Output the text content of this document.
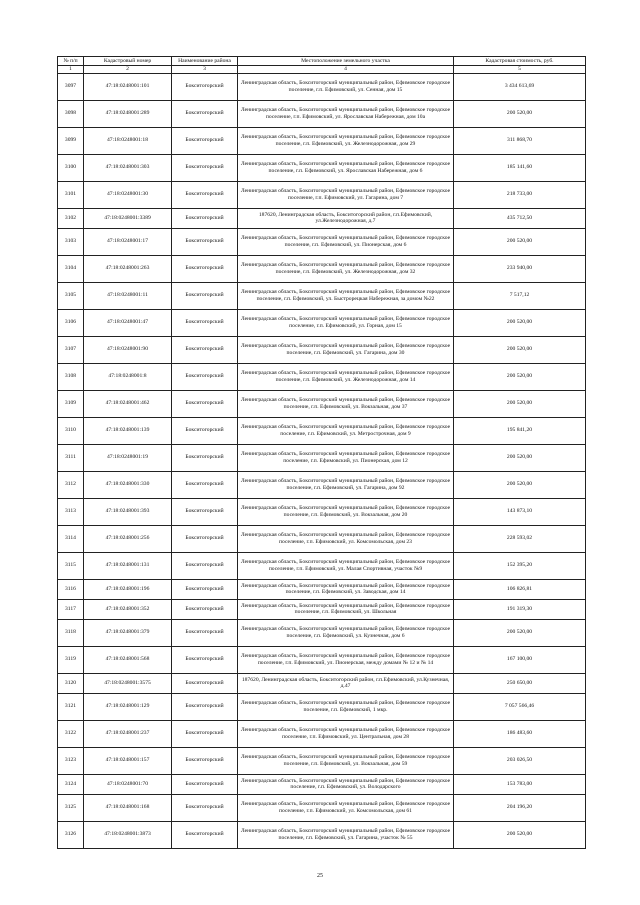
№ п/п	Кадастровый номер	Наименование района	Местоположение земельного участка	Кадастровая стоимость, руб.
1	2	3	4	5
3097	47:18:0248001:101	Бокситогорский	Ленинградская область, Бокситогорский муниципальный район, Ефимовское городское поселение, г.п. Ефимовский, ул. Сенная, дом 15	3 434 613,69
3098	47:18:0248001:289	Бокситогорский	Ленинградская область, Бокситогорский муниципальный район, Ефимовское городское поселение, г.п. Ефимовский, ул. Ярославская Набережная, дом 10а	200 520,00
3099	47:18:0248001:18	Бокситогорский	Ленинградская область, Бокситогорский муниципальный район, Ефимовское городское поселение, г.п. Ефимовский, ул. Железнодорожная, дом 29	311 868,70
3100	47:18:0248001:303	Бокситогорский	Ленинградская область, Бокситогорский муниципальный район, Ефимовское городское поселение, г.п. Ефимовский, ул. Ярославская Набережная, дом 6	185 141,60
3101	47:18:0248001:30	Бокситогорский	Ленинградская область, Бокситогорский муниципальный район, Ефимовское городское поселение, г.п. Ефимовский, ул. Гагарина, дом 7	218 733,00
3102	47:18:0248001:3389	Бокситогорский	187620, Ленинградская область, Бокситогорский район, г.п.Ефимовский, ул.Железнодорожная, д.7	435 712,50
3103	47:18:0248001:17	Бокситогорский	Ленинградская область, Бокситогорский муниципальный район, Ефимовское городское поселение, г.п. Ефимовский, ул. Пионерская, дом 6	200 520,00
3104	47:18:0248001:263	Бокситогорский	Ленинградская область, Бокситогорский муниципальный район, Ефимовское городское поселение, г.п. Ефимовский, ул. Железнодорожная, дом 32	233 940,00
3105	47:18:0248001:11	Бокситогорский	Ленинградская область, Бокситогорский муниципальный район, Ефимовское городское поселение, г.п. Ефимовский, ул. Быстрорецкая Набережная, за домом №22	7 517,12
3106	47:18:0248001:47	Бокситогорский	Ленинградская область, Бокситогорский муниципальный район, Ефимовское городское поселение, г.п. Ефимовский, ул. Горная, дом 15	200 520,00
3107	47:18:0248001:90	Бокситогорский	Ленинградская область, Бокситогорский муниципальный район, Ефимовское городское поселение, г.п. Ефимовский, ул. Гагарина, дом 30	200 520,00
3108	47:18:0248001:8	Бокситогорский	Ленинградская область, Бокситогорский муниципальный район, Ефимовское городское поселение, г.п. Ефимовский, ул. Железнодорожная, дом 14	200 520,00
3109	47:18:0248001:462	Бокситогорский	Ленинградская область, Бокситогорский муниципальный район, Ефимовское городское поселение, г.п. Ефимовский, ул. Вокзальная, дом 37	200 520,00
3110	47:18:0248001:139	Бокситогорский	Ленинградская область, Бокситогорский муниципальный район, Ефимовское городское поселение, г.п. Ефимовский, ул. Метрострочная, дом 9	195 841,20
3111	47:18:0248001:19	Бокситогорский	Ленинградская область, Бокситогорский муниципальный район, Ефимовское городское поселение, г.п. Ефимовский, ул. Пионерская, дом 12	200 520,00
3112	47:18:0248001:330	Бокситогорский	Ленинградская область, Бокситогорский муниципальный район, Ефимовское городское поселение, г.п. Ефимовский, ул. Гагарина, дом 92	200 520,00
3113	47:18:0248001:393	Бокситогорский	Ленинградская область, Бокситогорский муниципальный район, Ефимовское городское поселение, г.п. Ефимовский, ул. Вокзальная, дом 20	143 873,10
3114	47:18:0248001:256	Бокситогорский	Ленинградская область, Бокситогорский муниципальный район, Ефимовское городское поселение, г.п. Ефимовский, ул. Комсомольская, дом 23	228 593,02
3115	47:18:0248001:131	Бокситогорский	Ленинградская область, Бокситогорский муниципальный район, Ефимовское городское поселение, г.п. Ефимовский, ул. Малая Спортивная, участок №9	152 395,20
3116	47:18:0248001:196	Бокситогорский	Ленинградская область, Бокситогорский муниципальный район, Ефимовское городское поселение, г.п. Ефимовский, ул. Заводская, дом 14	106 826,81
3117	47:18:0248001:352	Бокситогорский	Ленинградская область, Бокситогорский муниципальный район, Ефимовское городское поселение, г.п. Ефимовский, ул. Школьная	191 319,30
3118	47:18:0248001:379	Бокситогорский	Ленинградская область, Бокситогорский муниципальный район, Ефимовское городское поселение, г.п. Ефимовский, ул. Кузнечная, дом 6	200 520,00
3119	47:18:0248001:568	Бокситогорский	Ленинградская область, Бокситогорский муниципальный район, Ефимовское городское поселение, г.п. Ефимовский, ул. Пионерская, между домами № 12 и № 14	167 100,00
3120	47:18:0248001:3575	Бокситогорский	187620, Ленинградская область, Бокситогорский район, г.п.Ефимовский, ул.Кузнечная, д.47	250 650,00
3121	47:18:0248001:129	Бокситогорский	Ленинградская область, Бокситогорский муниципальный район, Ефимовское городское поселение, г.п. Ефимовский, 1 мкр.	7 057 566,46
3122	47:18:0248001:237	Бокситогорский	Ленинградская область, Бокситогорский муниципальный район, Ефимовское городское поселение, г.п. Ефимовский, ул. Центральная, дом 28	186 483,60
3123	47:18:0248001:157	Бокситогорский	Ленинградская область, Бокситогорский муниципальный район, Ефимовское городское поселение, г.п. Ефимовский, ул. Вокзальная, дом 59	203 026,50
3124	47:18:0248001:70	Бокситогорский	Ленинградская область, Бокситогорский муниципальный район, Ефимовское городское поселение, г.п. Ефимовский, ул. Володарского	153 783,00
3125	47:18:0248001:168	Бокситогорский	Ленинградская область, Бокситогорский муниципальный район, Ефимовское городское поселение, г.п. Ефимовский, ул. Комсомольская, дом 61	204 196,20
3126	47:18:0248001:3873	Бокситогорский	Ленинградская область, Бокситогорский муниципальный район, Ефимовское городское поселение, г.п. Ефимовский, ул. Гагарина, участок № 55	200 520,00
25
